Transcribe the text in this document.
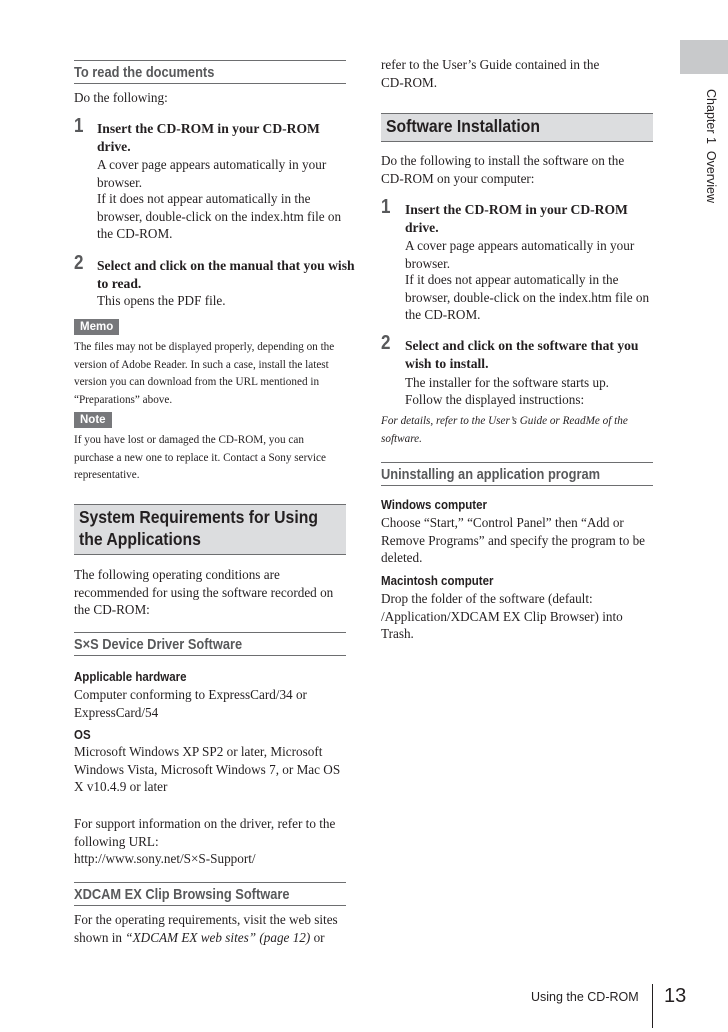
Chapter 1  Overview
To read the documents
Do the following:
1 Insert the CD-ROM in your CD-ROM drive.
A cover page appears automatically in your browser.
If it does not appear automatically in the browser, double-click on the index.htm file on the CD-ROM.
2 Select and click on the manual that you wish to read.
This opens the PDF file.
Memo
The files may not be displayed properly, depending on the version of Adobe Reader. In such a case, install the latest version you can download from the URL mentioned in “Preparations” above.
Note
If you have lost or damaged the CD-ROM, you can purchase a new one to replace it. Contact a Sony service representative.
System Requirements for Using
the Applications
The following operating conditions are recommended for using the software recorded on the CD-ROM:
S×S Device Driver Software
Applicable hardware
Computer conforming to ExpressCard/34 or ExpressCard/54
OS
Microsoft Windows XP SP2 or later, Microsoft Windows Vista, Microsoft Windows 7, or Mac OS X v10.4.9 or later
For support information on the driver, refer to the following URL:
http://www.sony.net/S×S-Support/
XDCAM EX Clip Browsing Software
For the operating requirements, visit the web sites shown in “XDCAM EX web sites” (page 12) or
refer to the User’s Guide contained in the CD-ROM.
Software Installation
Do the following to install the software on the CD-ROM on your computer:
1 Insert the CD-ROM in your CD-ROM drive.
A cover page appears automatically in your browser.
If it does not appear automatically in the browser, double-click on the index.htm file on the CD-ROM.
2 Select and click on the software that you wish to install.
The installer for the software starts up.
Follow the displayed instructions:
For details, refer to the User’s Guide or ReadMe of the software.
Uninstalling an application program
Windows computer
Choose “Start,” “Control Panel” then “Add or Remove Programs” and specify the program to be deleted.
Macintosh computer
Drop the folder of the software (default: /Application/XDCAM EX Clip Browser) into Trash.
Using the CD-ROM 13
